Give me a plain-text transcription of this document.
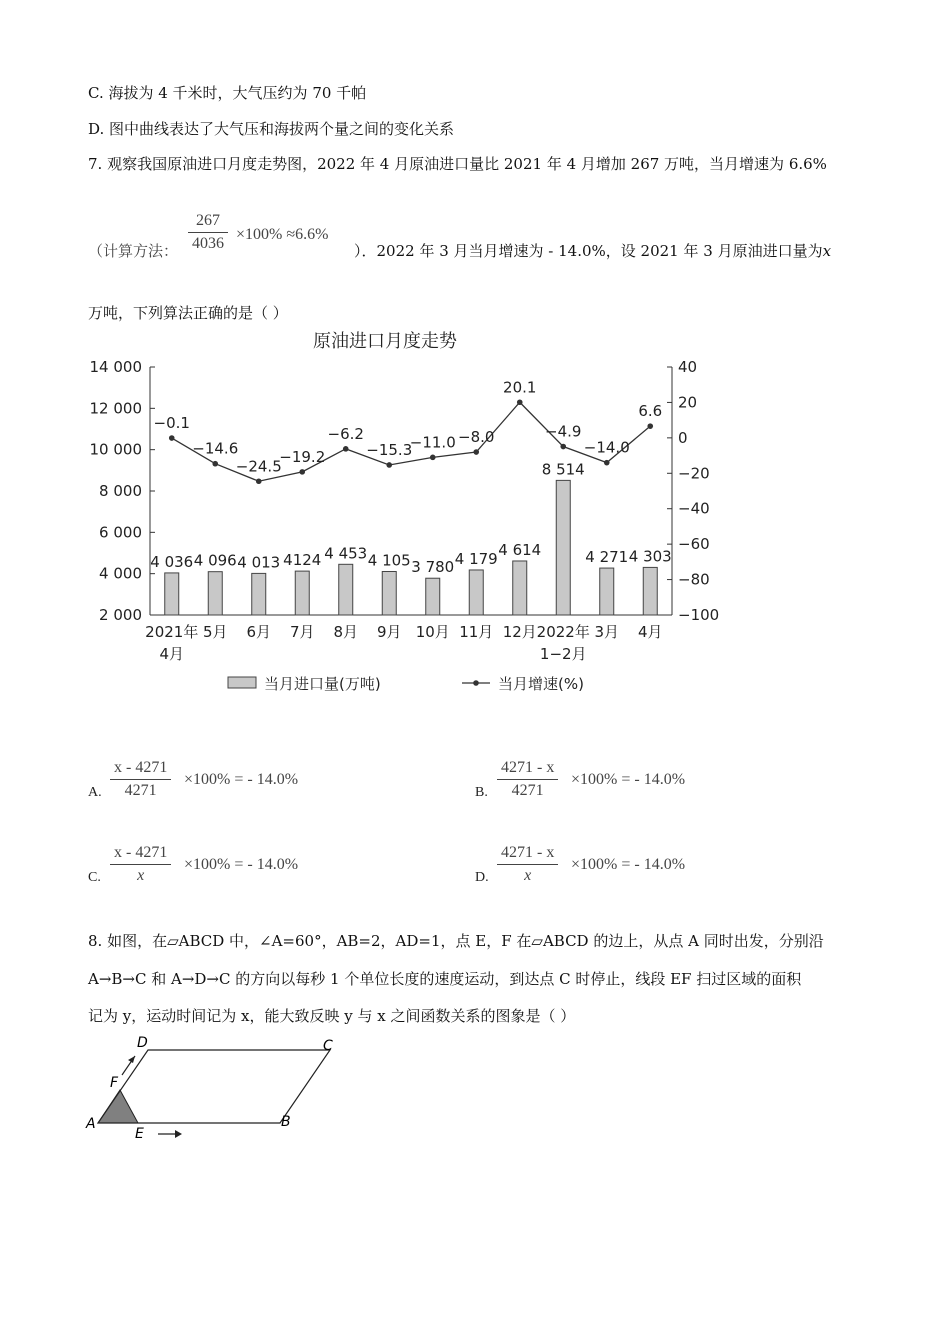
C. 海拔为 4 千米时，大气压约为 70 千帕
D. 图中曲线表达了大气压和海拔两个量之间的变化关系
7. 观察我国原油进口月度走势图，2022 年 4 月原油进口量比 2021 年 4 月增加 267 万吨，当月增速为 6.6%
（计算方法：
267
4036
×100% ≈6.6%
）．2022 年 3 月当月增速为 - 14.0%，设 2021 年 3 月原油进口量为x
万吨，下列算法正确的是（ ）
原油进口月度走势
2 000
4 000
6 000
8 000
10 000
12 000
14 000
−100
−80
−60
−40
−20
0
20
40
4 036 4 096 4 013 4124 4 453 4 105 3 780 4 179 4 614
8 514
4 271 4 303
−0.1
−14.6
−24.5
−19.2
−6.2
−15.3
−11.0 −8.0
20.1
−4.9
−14.0
6.6
2021年
4月
5月 6月 7月 8月 9月 10月 11月 12月 2022年
1−2月
3月 4月
当月进口量(万吨)	当月增速(%)
A.
x - 4271
4271
×100% = - 14.0%
B.
4271 - x
4271
×100% = - 14.0%
C.
x - 4271
x
×100% = - 14.0%
D.
4271 - x
x
×100% = - 14.0%
8. 如图，在▱ABCD 中，∠A=60°，AB=2，AD=1，点 E，F 在▱ABCD 的边上，从点 A 同时出发，分别沿
A→B→C 和 A→D→C 的方向以每秒 1 个单位长度的速度运动，到达点 C 时停止，线段 EF 扫过区域的面积
记为 y，运动时间记为 x，能大致反映 y 与 x 之间函数关系的图象是（ ）
A	B
C
D
E
F
